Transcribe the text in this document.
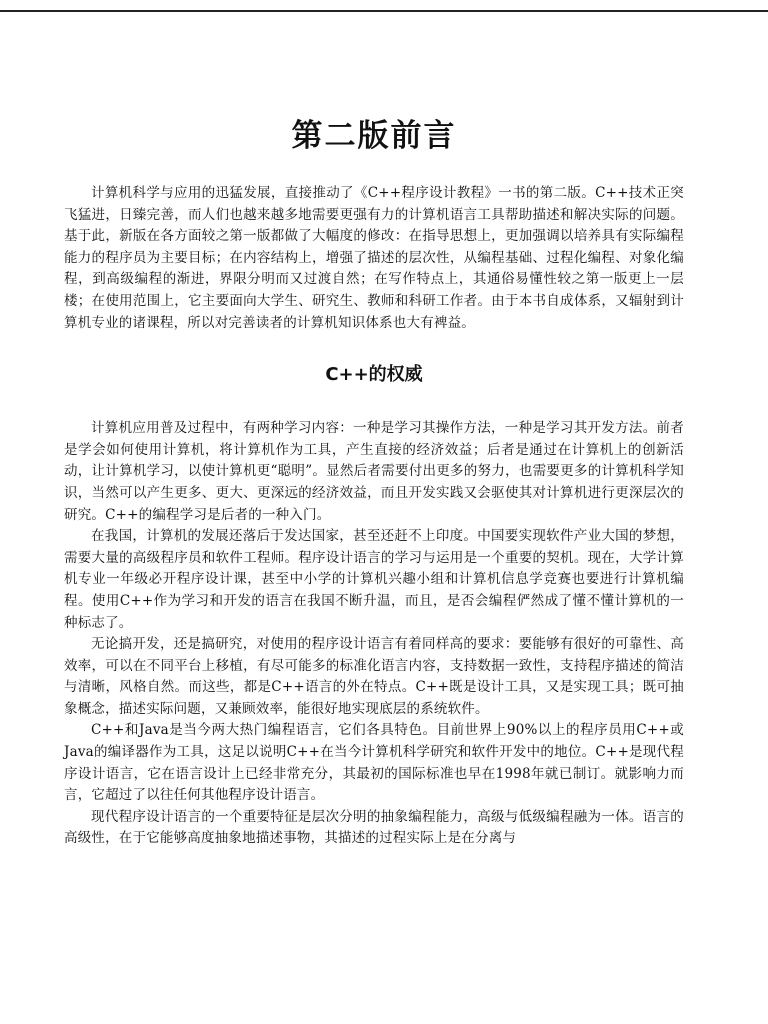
第二版前言

计算机科学与应用的迅猛发展，直接推动了《C++程序设计教程》一书的第二版。C++技术正突飞猛进，日臻完善，而人们也越来越多地需要更强有力的计算机语言工具帮助描述和解决实际的问题。基于此，新版在各方面较之第一版都做了大幅度的修改：在指导思想上，更加强调以培养具有实际编程能力的程序员为主要目标；在内容结构上，增强了描述的层次性，从编程基础、过程化编程、对象化编程，到高级编程的渐进，界限分明而又过渡自然；在写作特点上，其通俗易懂性较之第一版更上一层楼；在使用范围上，它主要面向大学生、研究生、教师和科研工作者。由于本书自成体系，又辐射到计算机专业的诸课程，所以对完善读者的计算机知识体系也大有裨益。

C++的权威

计算机应用普及过程中，有两种学习内容：一种是学习其操作方法，一种是学习其开发方法。前者是学会如何使用计算机，将计算机作为工具，产生直接的经济效益；后者是通过在计算机上的创新活动，让计算机学习，以使计算机更“聪明”。显然后者需要付出更多的努力，也需要更多的计算机科学知识，当然可以产生更多、更大、更深远的经济效益，而且开发实践又会驱使其对计算机进行更深层次的研究。C++的编程学习是后者的一种入门。

在我国，计算机的发展还落后于发达国家，甚至还赶不上印度。中国要实现软件产业大国的梦想，需要大量的高级程序员和软件工程师。程序设计语言的学习与运用是一个重要的契机。现在，大学计算机专业一年级必开程序设计课，甚至中小学的计算机兴趣小组和计算机信息学竞赛也要进行计算机编程。使用C++作为学习和开发的语言在我国不断升温，而且，是否会编程俨然成了懂不懂计算机的一种标志了。

无论搞开发，还是搞研究，对使用的程序设计语言有着同样高的要求：要能够有很好的可靠性、高效率，可以在不同平台上移植，有尽可能多的标准化语言内容，支持数据一致性，支持程序描述的简洁与清晰，风格自然。而这些，都是C++语言的外在特点。C++既是设计工具，又是实现工具；既可抽象概念，描述实际问题，又兼顾效率，能很好地实现底层的系统软件。

C++和Java是当今两大热门编程语言，它们各具特色。目前世界上90%以上的程序员用C++或Java的编译器作为工具，这足以说明C++在当今计算机科学研究和软件开发中的地位。C++是现代程序设计语言，它在语言设计上已经非常充分，其最初的国际标准也早在1998年就已制订。就影响力而言，它超过了以往任何其他程序设计语言。

现代程序设计语言的一个重要特征是层次分明的抽象编程能力，高级与低级编程融为一体。语言的高级性，在于它能够高度抽象地描述事物，其描述的过程实际上是在分离与
